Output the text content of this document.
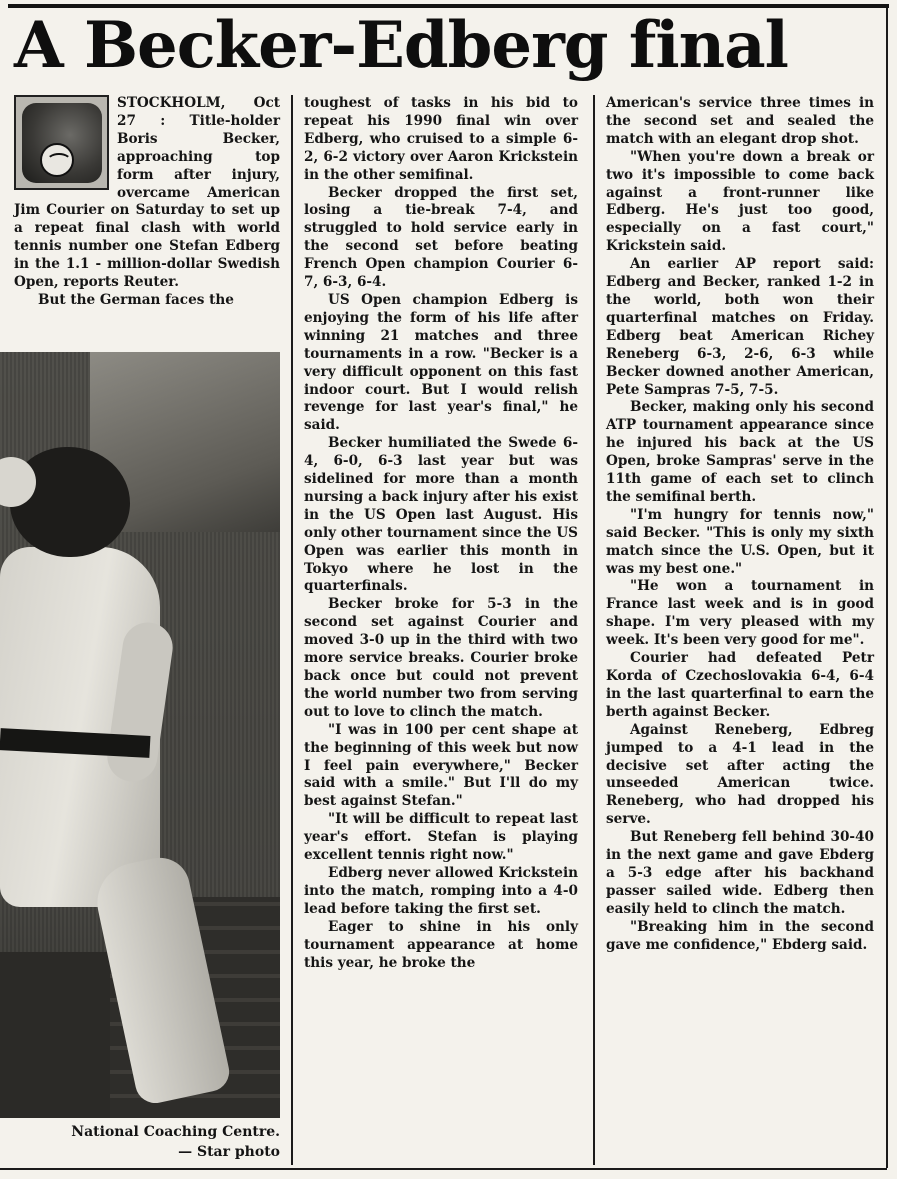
A Becker-Edberg final

STOCKHOLM, Oct 27 : Title-holder Boris Becker, approaching top form after injury, overcame American Jim Courier on Saturday to set up a repeat final clash with world tennis number one Stefan Edberg in the 1.1 - million-dollar Swedish Open, reports Reuter.

But the German faces the

National Coaching Centre.
— Star photo

toughest of tasks in his bid to repeat his 1990 final win over Edberg, who cruised to a simple 6-2, 6-2 victory over Aaron Krickstein in the other semifinal.

Becker dropped the first set, losing a tie-break 7-4, and struggled to hold service early in the second set before beating French Open champion Courier 6-7, 6-3, 6-4.

US Open champion Edberg is enjoying the form of his life after winning 21 matches and three tournaments in a row. "Becker is a very difficult opponent on this fast indoor court. But I would relish revenge for last year's final," he said.

Becker humiliated the Swede 6-4, 6-0, 6-3 last year but was sidelined for more than a month nursing a back injury after his exist in the US Open last August. His only other tournament since the US Open was earlier this month in Tokyo where he lost in the quarterfinals.

Becker broke for 5-3 in the second set against Courier and moved 3-0 up in the third with two more service breaks. Courier broke back once but could not prevent the world number two from serving out to love to clinch the match.

"I was in 100 per cent shape at the beginning of this week but now I feel pain everywhere," Becker said with a smile." But I'll do my best against Stefan."

"It will be difficult to repeat last year's effort. Stefan is playing excellent tennis right now."

Edberg never allowed Krickstein into the match, romping into a 4-0 lead before taking the first set.

Eager to shine in his only tournament appearance at home this year, he broke the

American's service three times in the second set and sealed the match with an elegant drop shot.

"When you're down a break or two it's impossible to come back against a front-runner like Edberg. He's just too good, especially on a fast court," Krickstein said.

An earlier AP report said: Edberg and Becker, ranked 1-2 in the world, both won their quarterfinal matches on Friday. Edberg beat American Richey Reneberg 6-3, 2-6, 6-3 while Becker downed another American, Pete Sampras 7-5, 7-5.

Becker, making only his second ATP tournament appearance since he injured his back at the US Open, broke Sampras' serve in the 11th game of each set to clinch the semifinal berth.

"I'm hungry for tennis now," said Becker. "This is only my sixth match since the U.S. Open, but it was my best one."

"He won a tournament in France last week and is in good shape. I'm very pleased with my week. It's been very good for me".

Courier had defeated Petr Korda of Czechoslovakia 6-4, 6-4 in the last quarterfinal to earn the berth against Becker.

Against Reneberg, Edbreg jumped to a 4-1 lead in the decisive set after acting the unseeded American twice. Reneberg, who had dropped his serve.

But Reneberg fell behind 30-40 in the next game and gave Ebderg a 5-3 edge after his backhand passer sailed wide. Edberg then easily held to clinch the match.

"Breaking him in the second gave me confidence," Ebderg said.
